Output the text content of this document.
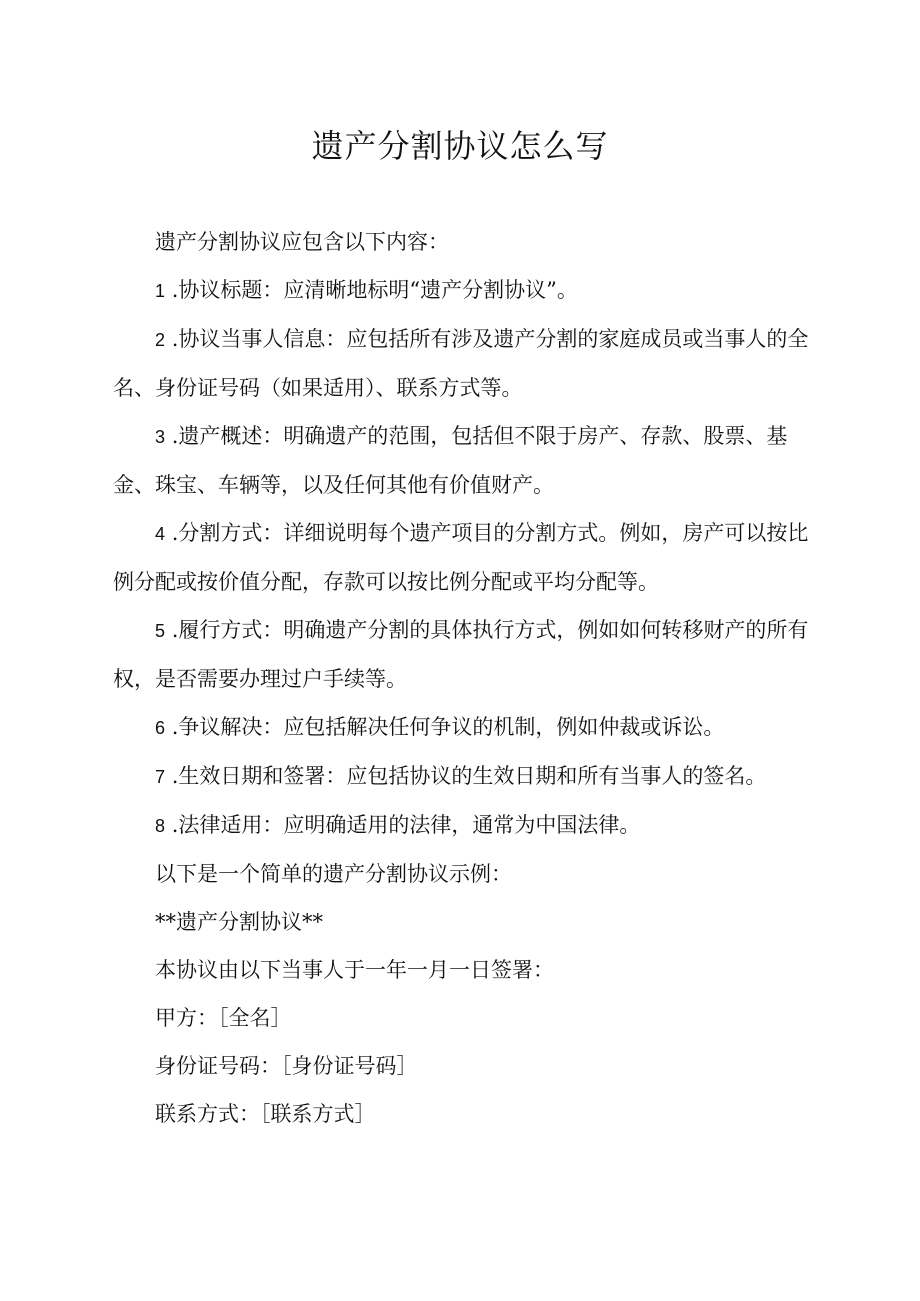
遗产分割协议怎么写

遗产分割协议应包含以下内容：

1 .协议标题：应清晰地标明“遗产分割协议”。

2 .协议当事人信息：应包括所有涉及遗产分割的家庭成员或当事人的全名、身份证号码（如果适用）、联系方式等。

3 .遗产概述：明确遗产的范围，包括但不限于房产、存款、股票、基金、珠宝、车辆等，以及任何其他有价值财产。

4 .分割方式：详细说明每个遗产项目的分割方式。例如，房产可以按比例分配或按价值分配，存款可以按比例分配或平均分配等。

5 .履行方式：明确遗产分割的具体执行方式，例如如何转移财产的所有权，是否需要办理过户手续等。

6 .争议解决：应包括解决任何争议的机制，例如仲裁或诉讼。

7 .生效日期和签署：应包括协议的生效日期和所有当事人的签名。

8 .法律适用：应明确适用的法律，通常为中国法律。

以下是一个简单的遗产分割协议示例：

**遗产分割协议**

本协议由以下当事人于一年一月一日签署：

甲方：［全名］

身份证号码：［身份证号码］

联系方式：［联系方式］
